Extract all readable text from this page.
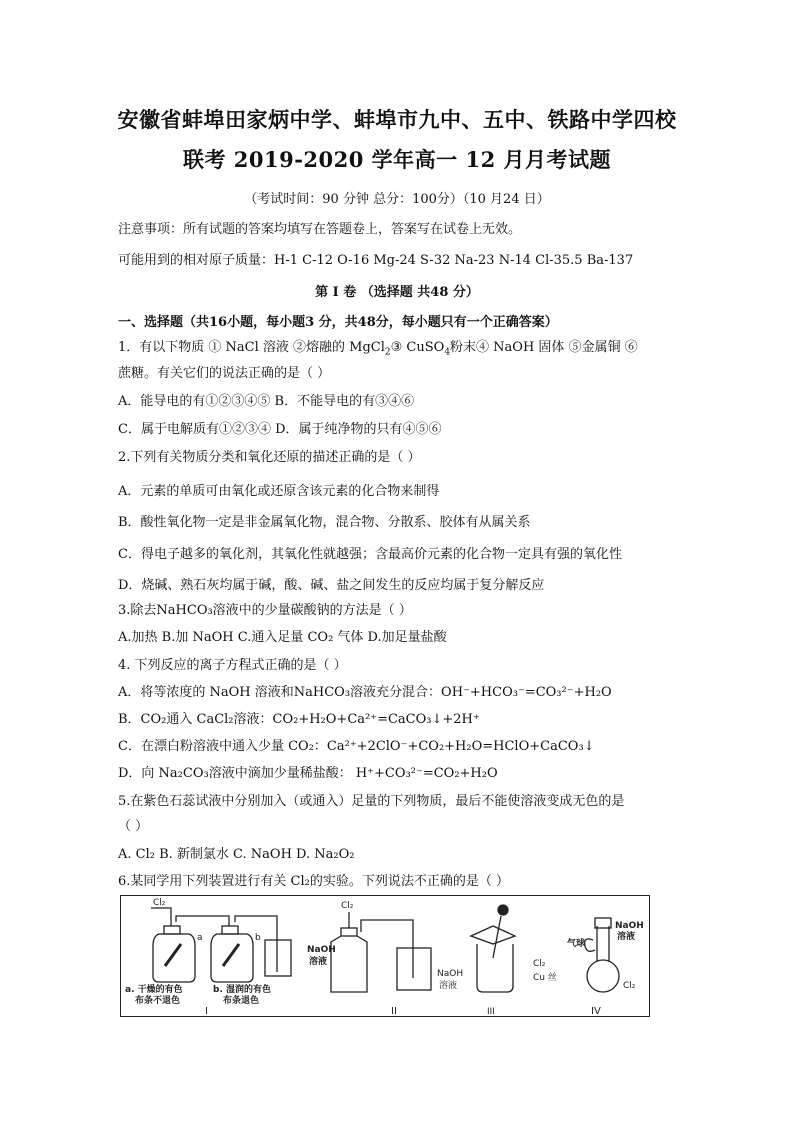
安徽省蚌埠田家炳中学、蚌埠市九中、五中、铁路中学四校
联考 2019-2020 学年高一 12 月月考试题
（考试时间：90 分钟 总分：100分）（10 月24 日）
注意事项：所有试题的答案均填写在答题卷上，答案写在试卷上无效。
可能用到的相对原子质量：H-1 C-12 O-16 Mg-24 S-32 Na-23 N-14 Cl-35.5 Ba-137
第 Ⅰ 卷 （选择题 共48 分）
一、选择题（共16小题，每小题3 分，共48分，每小题只有一个正确答案）
1．有以下物质 ① NaCl 溶液 ②熔融的 MgCl$_2$③ CuSO$_4$粉末④ NaOH 固体 ⑤金属铜 ⑥
蔗糖。有关它们的说法正确的是（ ）
A．能导电的有①②③④⑤ B．不能导电的有③④⑥
C．属于电解质有①②③④ D．属于纯净物的只有④⑤⑥
2.下列有关物质分类和氧化还原的描述正确的是（ ）
A．元素的单质可由氧化或还原含该元素的化合物来制得
B．酸性氧化物一定是非金属氧化物，混合物、分散系、胶体有从属关系
C．得电子越多的氧化剂，其氧化性就越强；含最高价元素的化合物一定具有强的氧化性
D．烧碱、熟石灰均属于碱，酸、碱、盐之间发生的反应均属于复分解反应
3.除去NaHCO₃溶液中的少量碳酸钠的方法是（ ）
A.加热 B.加 NaOH C.通入足量 CO₂ 气体 D.加足量盐酸
4. 下列反应的离子方程式正确的是（ ）
A．将等浓度的 NaOH 溶液和NaHCO₃溶液充分混合：OH⁻+HCO₃⁻=CO₃²⁻+H₂O
B．CO₂通入 CaCl₂溶液：CO₂+H₂O+Ca²⁺=CaCO₃↓+2H⁺
C．在漂白粉溶液中通入少量 CO₂：Ca²⁺+2ClO⁻+CO₂+H₂O=HClO+CaCO₃↓
D．向 Na₂CO₃溶液中滴加少量稀盐酸： H⁺+CO₃²⁻=CO₂+H₂O
5.在紫色石蕊试液中分别加入（或通入）足量的下列物质，最后不能使溶液变成无色的是
（ ）
A. Cl₂ B. 新制氯水 C. NaOH D. Na₂O₂
6.某同学用下列装置进行有关 Cl₂的实验。下列说法不正确的是（ ）
Cl₂
a	b
a. 干燥的有色
布条不退色
b. 湿润的有色
布条退色
NaOH
溶液
Cl₂
NaOH
溶液
Cl₂
Cu 丝
气球
NaOH
溶液
Cl₂
I	II	III	IV
